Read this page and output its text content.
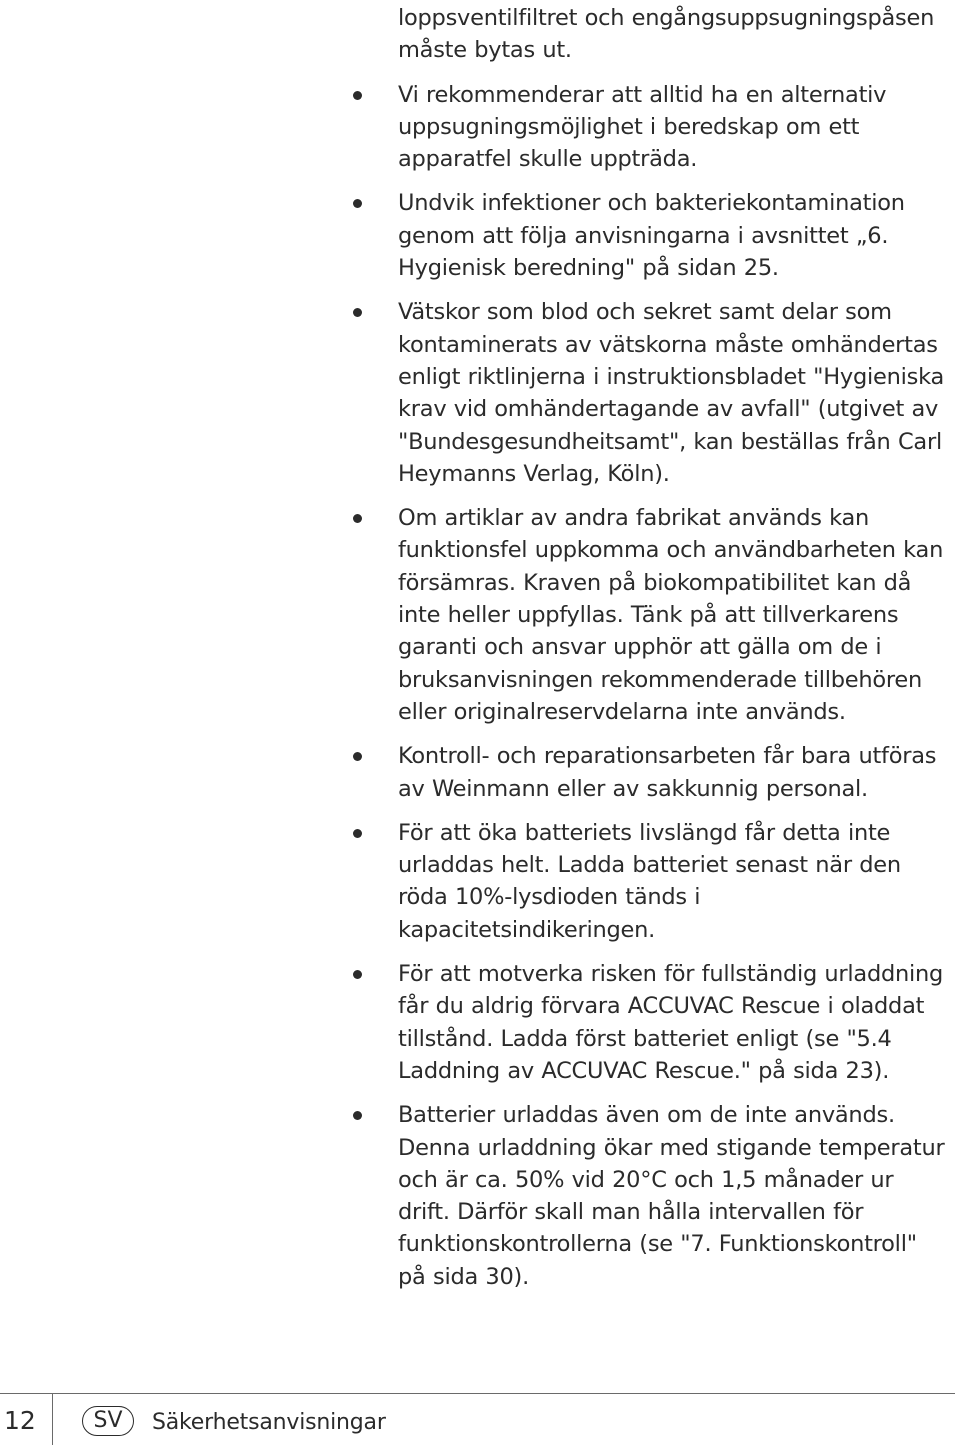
loppsventilfiltret och engångsuppsugningspåsen måste bytas ut.

Vi rekommenderar att alltid ha en alternativ uppsugningsmöjlighet i beredskap om ett apparatfel skulle uppträda.

Undvik infektioner och bakteriekontamination genom att följa anvisningarna i avsnittet „6. Hygienisk beredning" på sidan 25.

Vätskor som blod och sekret samt delar som kontaminerats av vätskorna måste omhändertas enligt riktlinjerna i instruktionsbladet "Hygieniska krav vid omhändertagande av avfall" (utgivet av "Bundesgesundheitsamt", kan beställas från Carl Heymanns Verlag, Köln).

Om artiklar av andra fabrikat används kan funktionsfel uppkomma och användbarheten kan försämras. Kraven på biokompatibilitet kan då inte heller uppfyllas. Tänk på att tillverkarens garanti och ansvar upphör att gälla om de i bruksanvisningen rekommenderade tillbehören eller originalreservdelarna inte används.

Kontroll- och reparationsarbeten får bara utföras av Weinmann eller av sakkunnig personal.

För att öka batteriets livslängd får detta inte urladdas helt. Ladda batteriet senast när den röda 10%-lysdioden tänds i kapacitetsindikeringen.

För att motverka risken för fullständig urladdning får du aldrig förvara ACCUVAC Rescue i oladdat tillstånd. Ladda först batteriet enligt (se "5.4 Laddning av ACCUVAC Rescue." på sida 23).

Batterier urladdas även om de inte används. Denna urladdning ökar med stigande temperatur och är ca. 50% vid 20°C och 1,5 månader ur drift. Därför skall man hålla intervallen för funktionskontrollerna (se "7. Funktionskontroll" på sida 30).

12	SV	Säkerhetsanvisningar
